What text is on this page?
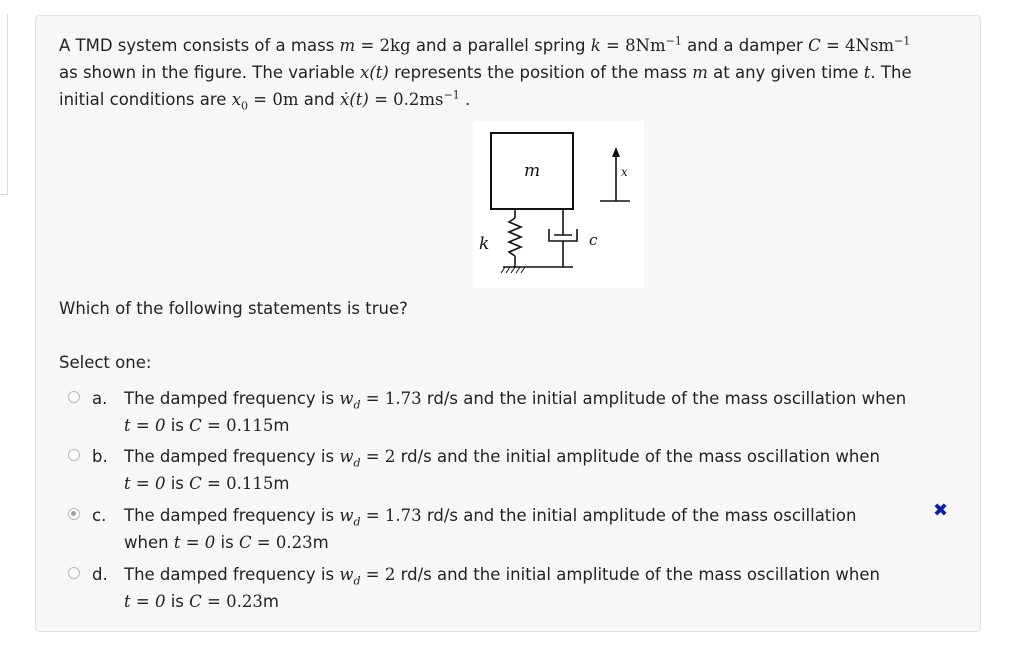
A TMD system consists of a mass m = 2kg and a parallel spring $k = 8Nm^{-1}$ and a damper C = 4Nsm$^{-1}$
as shown in the figure. The variable x(t) represents the position of the mass m at any given time t. The
initial conditions are $x_0 = 0m$ and ẋ(t) = $0.2ms^{-1}$ .
m
k	c
x
Which of the following statements is true?
Select one:
a. The damped frequency is $w_d = 1.73$ rd/s and the initial amplitude of the mass oscillation when
t = 0 is C = 0.115m
b. The damped frequency is $w_d = 2$ rd/s and the initial amplitude of the mass oscillation when
t = 0 is C = 0.115m
c. The damped frequency is $w_d = 1.73$ rd/s and the initial amplitude of the mass oscillation
when t = 0 is C = 0.23m
d. The damped frequency is $w_d = 2$ rd/s and the initial amplitude of the mass oscillation when
t = 0 is C = 0.23m
✖
